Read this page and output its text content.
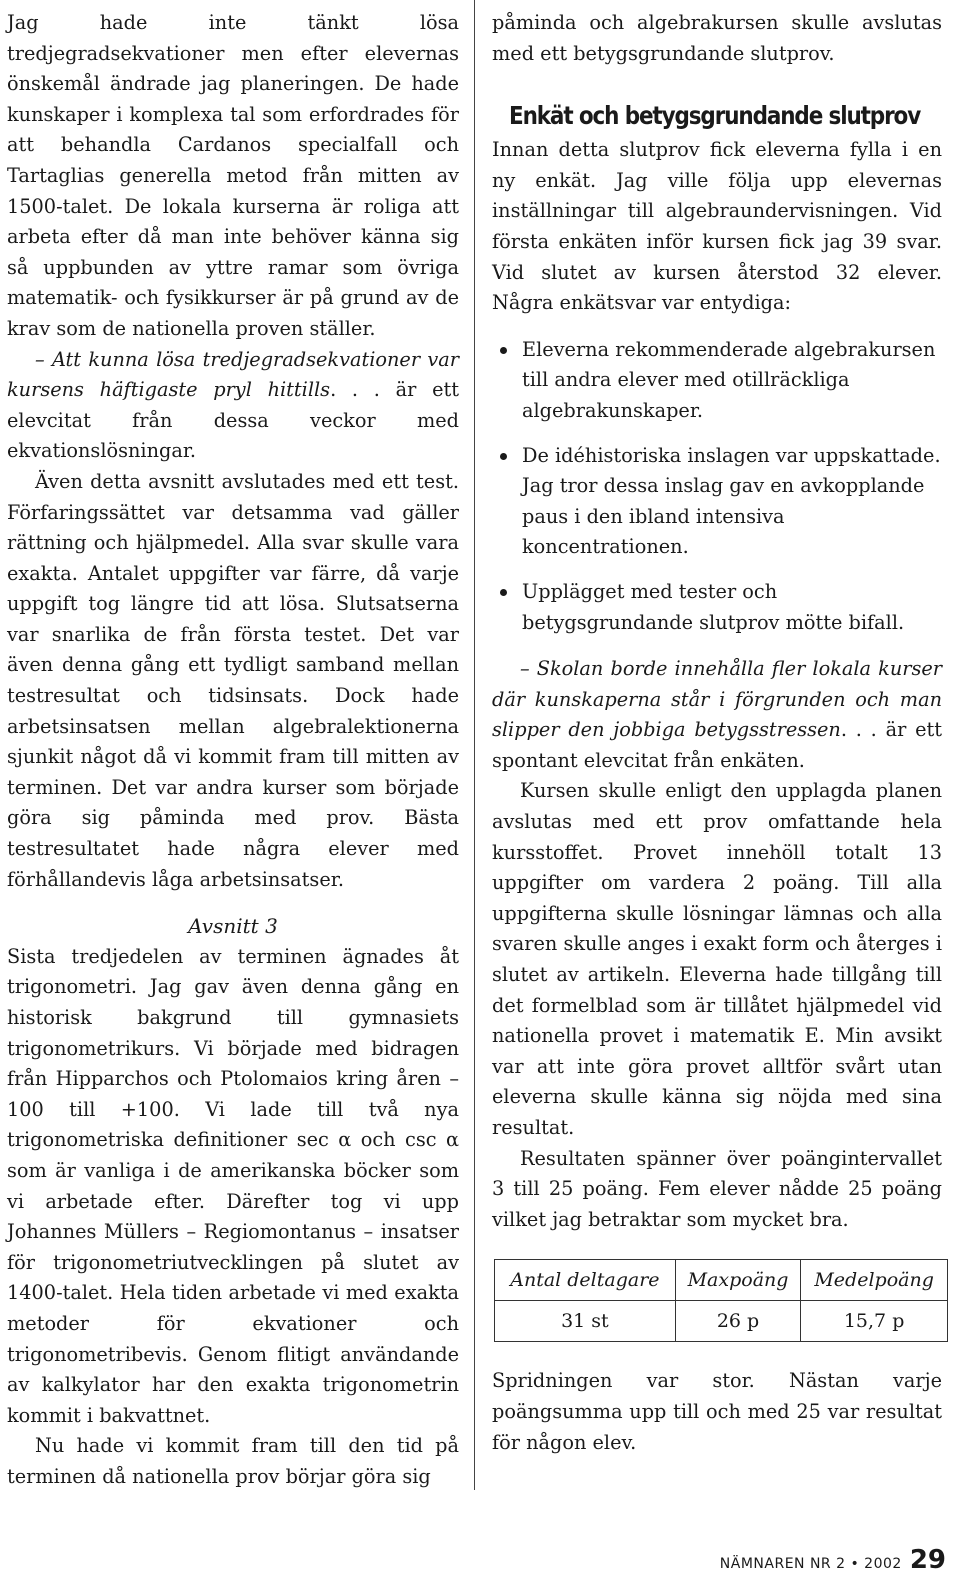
Jag hade inte tänkt lösa tredjegradsekvationer men efter elevernas önskemål ändrade jag planeringen. De hade kunskaper i komplexa tal som erfordrades för att behandla Cardanos specialfall och Tartaglias generella metod från mitten av 1500-talet. De lokala kurserna är roliga att arbeta efter då man inte behöver känna sig så uppbunden av yttre ramar som övriga matematik- och fysikkurser är på grund av de krav som de nationella proven ställer.

– Att kunna lösa tredjegradsekvationer var kursens häftigaste pryl hittills. . . är ett elevcitat från dessa veckor med ekvationslösningar.

Även detta avsnitt avslutades med ett test. Förfaringssättet var detsamma vad gäller rättning och hjälpmedel. Alla svar skulle vara exakta. Antalet uppgifter var färre, då varje uppgift tog längre tid att lösa. Slutsatserna var snarlika de från första testet. Det var även denna gång ett tydligt samband mellan testresultat och tidsinsats. Dock hade arbetsinsatsen mellan algebralektionerna sjunkit något då vi kommit fram till mitten av terminen. Det var andra kurser som började göra sig påminda med prov. Bästa testresultatet hade några elever med förhållandevis låga arbetsinsatser.

Avsnitt 3

Sista tredjedelen av terminen ägnades åt trigonometri. Jag gav även denna gång en historisk bakgrund till gymnasiets trigonometrikurs. Vi började med bidragen från Hipparchos och Ptolomaios kring åren –100 till +100. Vi lade till två nya trigonometriska definitioner sec α och csc α som är vanliga i de amerikanska böcker som vi arbetade efter. Därefter tog vi upp Johannes Müllers – Regiomontanus – insatser för trigonometriutvecklingen på slutet av 1400-talet. Hela tiden arbetade vi med exakta metoder för ekvationer och trigonometribevis. Genom flitigt användande av kalkylator har den exakta trigonometrin kommit i bakvattnet.

Nu hade vi kommit fram till den tid på terminen då nationella prov börjar göra sig

påminda och algebrakursen skulle avslutas med ett betygsgrundande slutprov.

Enkät och betygsgrundande slutprov

Innan detta slutprov fick eleverna fylla i en ny enkät. Jag ville följa upp elevernas inställningar till algebraundervisningen. Vid första enkäten inför kursen fick jag 39 svar. Vid slutet av kursen återstod 32 elever. Några enkätsvar var entydiga:

Eleverna rekommenderade algebrakursen till andra elever med otillräckliga algebrakunskaper.
De idéhistoriska inslagen var uppskattade. Jag tror dessa inslag gav en avkopplande paus i den ibland intensiva koncentrationen.
Upplägget med tester och betygsgrundande slutprov mötte bifall.

– Skolan borde innehålla fler lokala kurser där kunskaperna står i förgrunden och man slipper den jobbiga betygsstressen. . . är ett spontant elevcitat från enkäten.

Kursen skulle enligt den upplagda planen avslutas med ett prov omfattande hela kursstoffet. Provet innehöll totalt 13 uppgifter om vardera 2 poäng. Till alla uppgifterna skulle lösningar lämnas och alla svaren skulle anges i exakt form och återges i slutet av artikeln. Eleverna hade tillgång till det formelblad som är tillåtet hjälpmedel vid nationella provet i matematik E. Min avsikt var att inte göra provet alltför svårt utan eleverna skulle känna sig nöjda med sina resultat.

Resultaten spänner över poängintervallet 3 till 25 poäng. Fem elever nådde 25 poäng vilket jag betraktar som mycket bra.

Antal deltagare	Maxpoäng	Medelpoäng
31 st	26 p	15,7 p

Spridningen var stor. Nästan varje poängsumma upp till och med 25 var resultat för någon elev.

NÄMNAREN NR 2 • 2002 29
